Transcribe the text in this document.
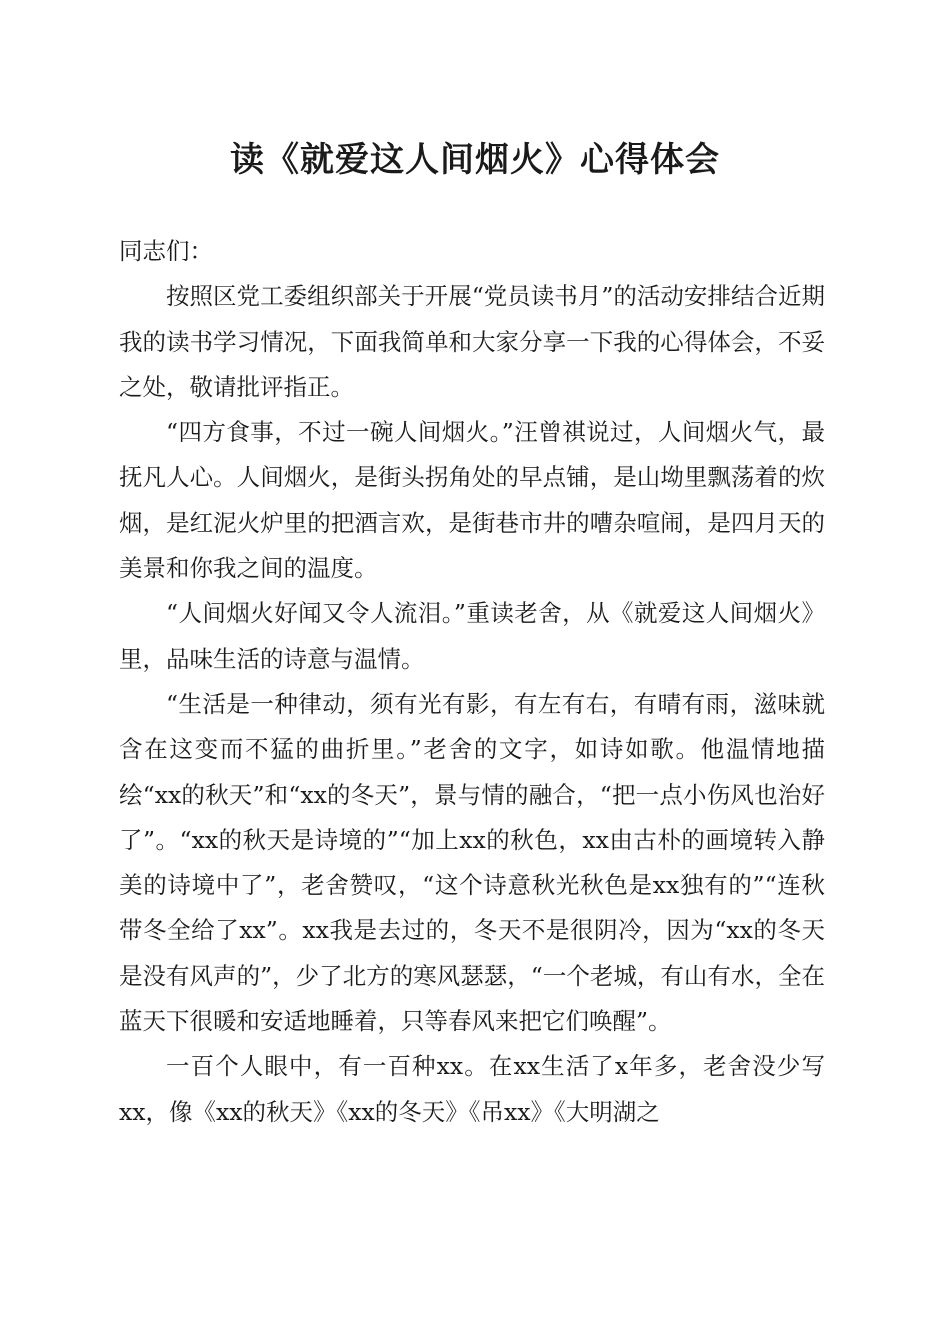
读《就爱这人间烟火》心得体会

同志们：

按照区党工委组织部关于开展“党员读书月”的活动安排结合近期我的读书学习情况，下面我简单和大家分享一下我的心得体会，不妥之处，敬请批评指正。

“四方食事，不过一碗人间烟火。”汪曾祺说过，人间烟火气，最抚凡人心。人间烟火，是街头拐角处的早点铺，是山坳里飘荡着的炊烟，是红泥火炉里的把酒言欢，是街巷市井的嘈杂喧闹，是四月天的美景和你我之间的温度。

“人间烟火好闻又令人流泪。”重读老舍，从《就爱这人间烟火》里，品味生活的诗意与温情。

“生活是一种律动，须有光有影，有左有右，有晴有雨，滋味就含在这变而不猛的曲折里。”老舍的文字，如诗如歌。他温情地描绘“xx的秋天”和“xx的冬天”，景与情的融合，“把一点小伤风也治好了”。“xx的秋天是诗境的”“加上xx的秋色，xx由古朴的画境转入静美的诗境中了”，老舍赞叹，“这个诗意秋光秋色是xx独有的”“连秋带冬全给了xx”。xx我是去过的，冬天不是很阴冷，因为“xx的冬天是没有风声的”，少了北方的寒风瑟瑟，“一个老城，有山有水，全在蓝天下很暖和安适地睡着，只等春风来把它们唤醒”。

一百个人眼中，有一百种xx。在xx生活了x年多，老舍没少写xx，像《xx的秋天》《xx的冬天》《吊xx》《大明湖之
